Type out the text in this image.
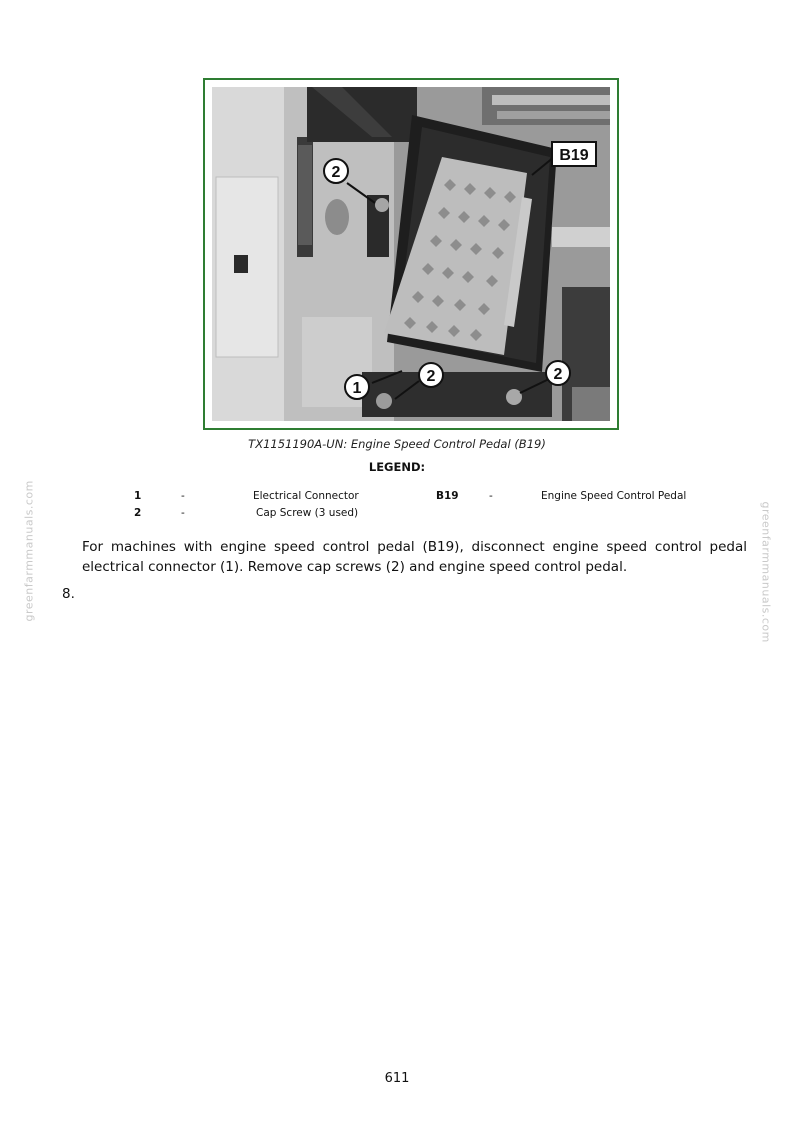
greenfarmmanuals.com	greenfarmmanuals.com
B19
2
1
2	2
TX1151190A-UN: Engine Speed Control Pedal (B19)
LEGEND:
1	-	Electrical Connector
2	-	Cap Screw (3 used)
B19	-	Engine Speed Control Pedal
For machines with engine speed control pedal (B19), disconnect engine speed control pedal electrical connector (1). Remove cap screws (2) and engine speed control pedal.
8.
611
